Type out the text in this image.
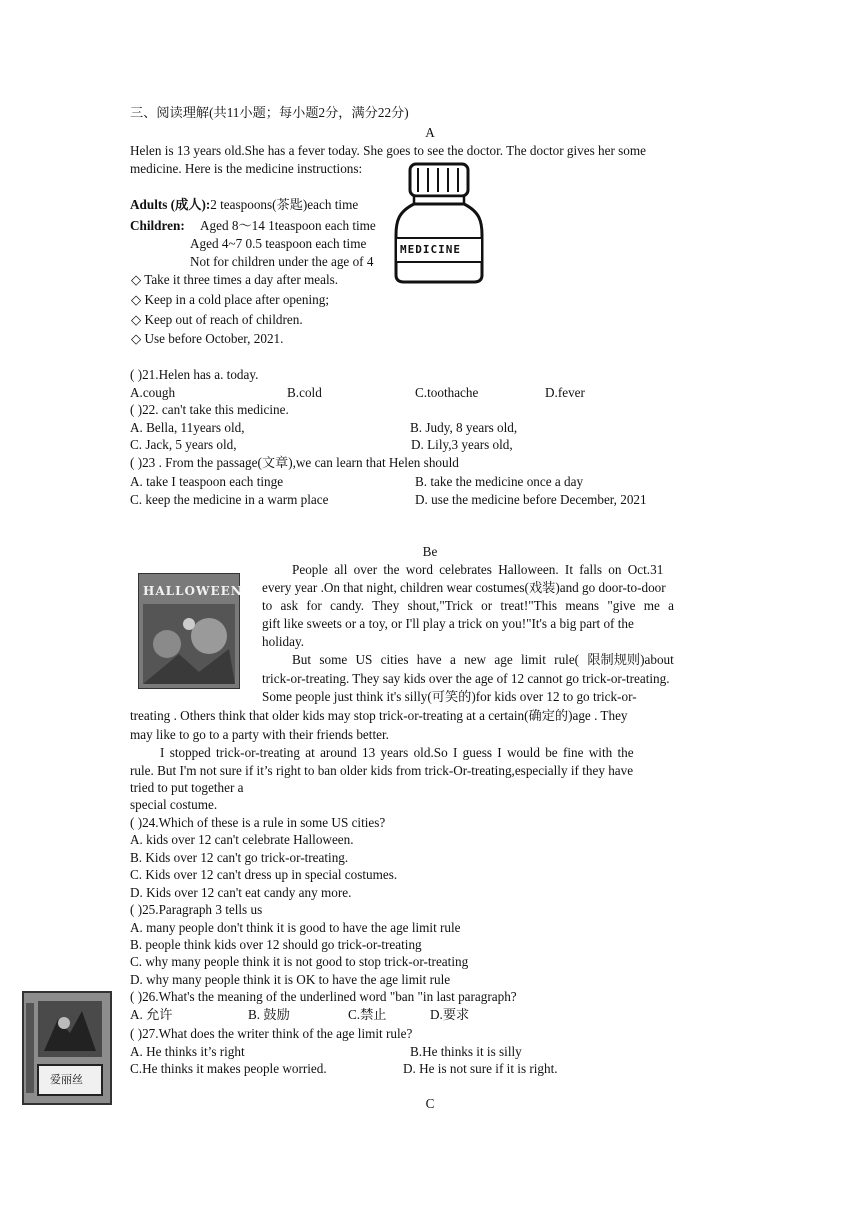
三、阅读理解(共11小题；每小题2分，满分22分)
A
Helen is 13 years old.She has a fever today. She goes to see the doctor. The doctor gives her some
medicine. Here is the medicine instructions:
Adults (成人):2 teaspoons(茶匙)each time
Children: Aged 8～14 1teaspoon each time
Aged 4~7 0.5 teaspoon each time
Not for children under the age of 4
◇ Take it three times a day after meals.
◇ Keep in a cold place after opening;
◇ Keep out of reach of children.
◇ Use before October, 2021.
MEDICINE
( )21.Helen has a. today.
A.cough	B.cold	C.toothache	D.fever
( )22. can't take this medicine.
A. Bella, 11years old,	B. Judy, 8 years old,
C. Jack, 5 years old,	D. Lily,3 years old,
( )23 . From the passage(文章),we can learn that Helen should
A. take I teaspoon each tinge	B. take the medicine once a day
C. keep the medicine in a warm place	D. use the medicine before December, 2021
Be
HALLOWEEN
People all over the word celebrates Halloween. It falls on Oct.31
every year .On that night, children wear costumes(戏装)and go door-to-door
to ask for candy. They shout,"Trick or treat!"This means "give me a
gift like sweets or a toy, or I'll play a trick on you!"It's a big part of the
holiday.
But some US cities have a new age limit rule( 限制规则)about
trick-or-treating. They say kids over the age of 12 cannot go trick-or-treating.
Some people just think it's silly(可笑的)for kids over 12 to go trick-or-
treating . Others think that older kids may stop trick-or-treating at a certain(确定的)age . They
may like to go to a party with their friends better.
I stopped trick-or-treating at around 13 years old.So I guess I would be fine with the
rule. But I'm not sure if it’s right to ban older kids from trick-Or-treating,especially if they have
tried to put together a
special costume.
( )24.Which of these is a rule in some US cities?
A. kids over 12 can't celebrate Halloween.
B. Kids over 12 can't go trick-or-treating.
C. Kids over 12 can't dress up in special costumes.
D. Kids over 12 can't eat candy any more.
( )25.Paragraph 3 tells us
A. many people don't think it is good to have the age limit rule
B. people think kids over 12 should go trick-or-treating
C. why many people think it is not good to stop trick-or-treating
D. why many people think it is OK to have the age limit rule
( )26.What's the meaning of the underlined word "ban "in last paragraph?
A. 允许	B. 鼓励	C.禁止	D.要求
( )27.What does the writer think of the age limit rule?
A. He thinks it’s right	B.He thinks it is silly
C.He thinks it makes people worried.	D. He is not sure if it is right.
爱丽丝
C
